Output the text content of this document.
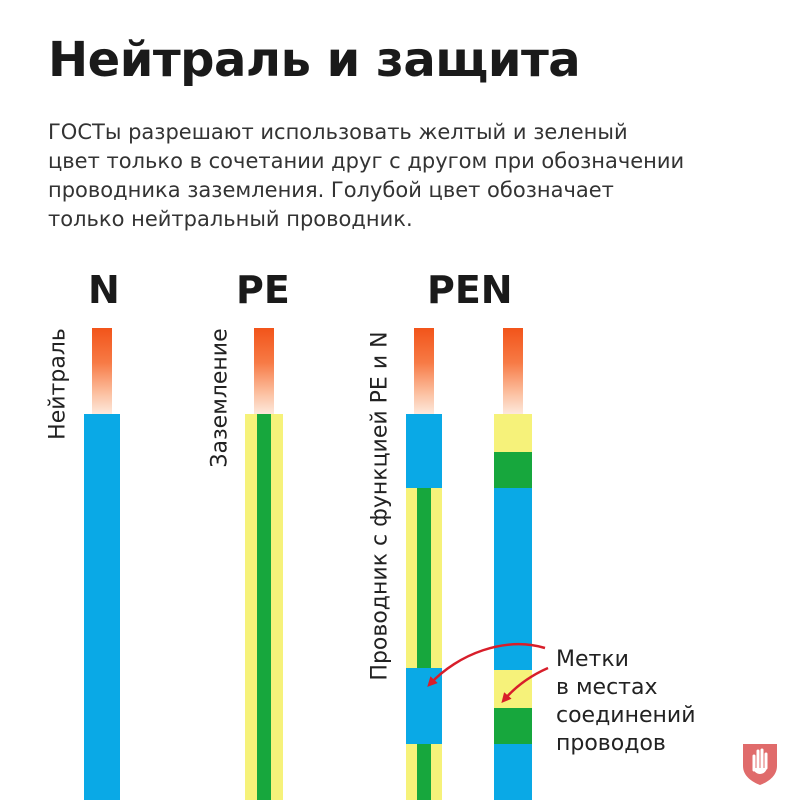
Нейтраль и защита
ГОСТы разрешают использовать желтый и зеленый
цвет только в сочетании друг с другом при обозначении
проводника заземления. Голубой цвет обозначает
только нейтральный проводник.
N	PE	PEN
Нейтраль	Заземление	Проводник с функцией PE и N	Метки
в местах
соединений
проводов
